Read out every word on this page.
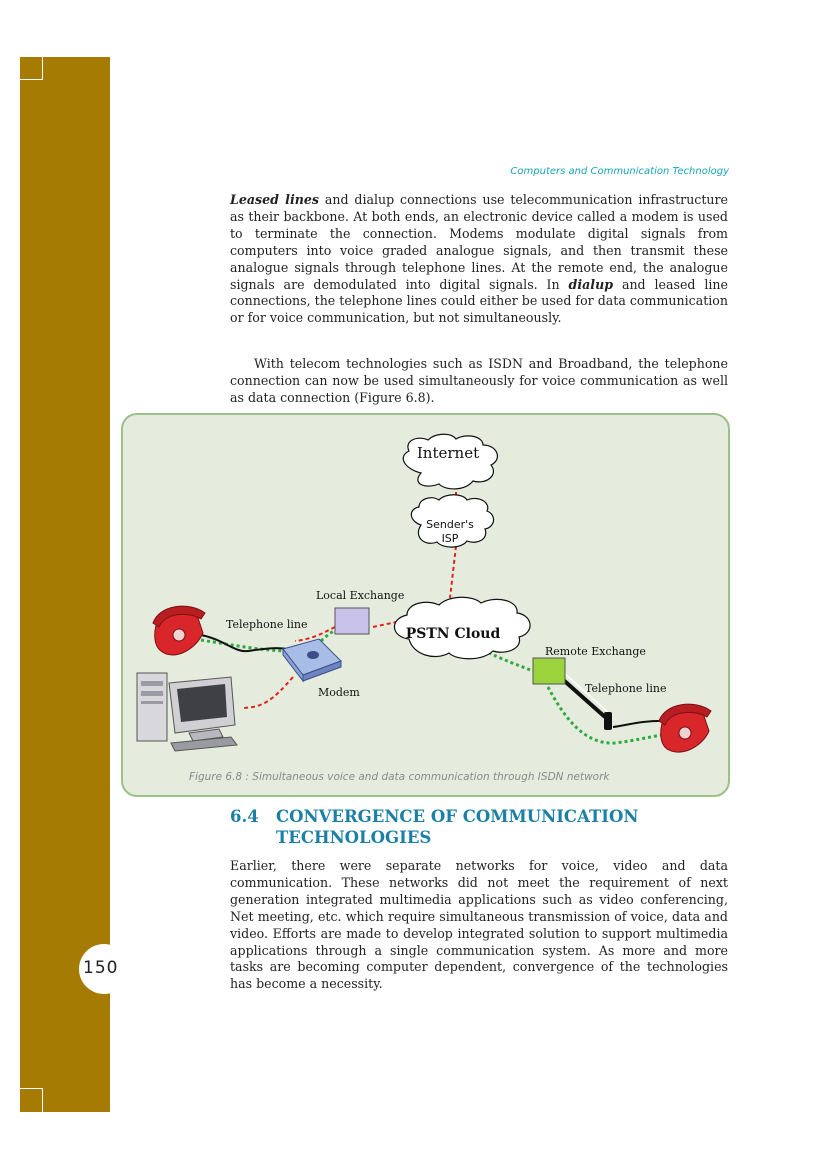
150
Computers and Communication Technology

Leased lines and dialup connections use telecommunication infrastructure as their backbone. At both ends, an electronic device called a modem is used to terminate the connection. Modems modulate digital signals from computers into voice graded analogue signals, and then transmit these analogue signals through telephone lines. At the remote end, the analogue signals are demodulated into digital signals. In dialup and leased line connections, the telephone lines could either be used for data communication or for voice communication, but not simultaneously.

With telecom technologies such as ISDN and Broadband, the telephone connection can now be used simultaneously for voice communication as well as data connection (Figure 6.8).

Internet
Sender's
ISP
Local Exchange
PSTN Cloud
Telephone line
Remote Exchange
Telephone line
Modem
Figure 6.8 : Simultaneous voice and data communication through ISDN network
6.4 CONVERGENCE OF COMMUNICATION
TECHNOLOGIES

Earlier, there were separate networks for voice, video and data communication. These networks did not meet the requirement of next generation integrated multimedia applications such as video conferencing, Net meeting, etc. which require simultaneous transmission of voice, data and video. Efforts are made to develop integrated solution to support multimedia applications through a single communication system. As more and more tasks are becoming computer dependent, convergence of the technologies has become a necessity.
